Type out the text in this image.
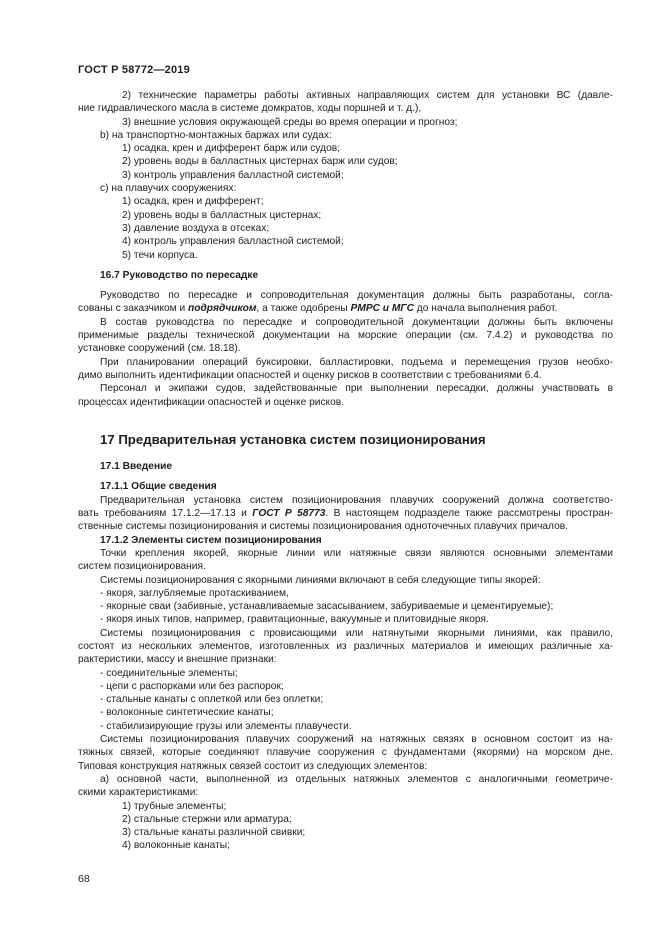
ГОСТ Р 58772—2019

2) технические параметры работы активных направляющих систем для установки ВС (давле-

ние гидравлического масла в системе домкратов, ходы поршней и т. д.),

3) внешние условия окружающей среды во время операции и прогноз;

b) на транспортно-монтажных баржах или судах:

1) осадка, крен и дифферент барж или судов;

2) уровень воды в балластных цистернах барж или судов;

3) контроль управления балластной системой;

c) на плавучих сооружениях:

1) осадка, крен и дифферент;

2) уровень воды в балластных цистернах;

3) давление воздуха в отсеках;

4) контроль управления балластной системой;

5) течи корпуса.

16.7 Руководство по пересадке

Руководство по пересадке и сопроводительная документация должны быть разработаны, согла-

сованы с заказчиком и подрядчиком, а также одобрены РМРС и МГС до начала выполнения работ.

В состав руководства по пересадке и сопроводительной документации должны быть включены

применимые разделы технической документации на морские операции (см. 7.4.2) и руководства по

установке сооружений (см. 18.18).

При планировании операций буксировки, балластировки, подъема и перемещения грузов необхо-

димо выполнить идентификации опасностей и оценку рисков в соответствии с требованиями 6.4.

Персонал и экипажи судов, задействованные при выполнении пересадки, должны участвовать в

процессах идентификации опасностей и оценке рисков.

17 Предварительная установка систем позиционирования

17.1 Введение

17.1.1 Общие сведения

Предварительная установка систем позиционирования плавучих сооружений должна соответство-

вать требованиям 17.1.2—17.13 и ГОСТ Р 58773. В настоящем подразделе также рассмотрены простран-

ственные системы позиционирования и системы позиционирования одноточечных плавучих причалов.

17.1.2 Элементы систем позиционирования

Точки крепления якорей, якорные линии или натяжные связи являются основными элементами

систем позиционирования.

Системы позиционирования с якорными линиями включают в себя следующие типы якорей:

- якоря, заглубляемые протаскиванием,

- якорные сваи (забивные, устанавливаемые засасыванием, забуриваемые и цементируемые);

- якоря иных типов, например, гравитационные, вакуумные и плитовидные якоря.

Системы позиционирования с провисающими или натянутыми якорными линиями, как правило,

состоят из нескольких элементов, изготовленных из различных материалов и имеющих различные ха-

рактеристики, массу и внешние признаки:

- соединительные элементы;

- цепи с распорками или без распорок;

- стальные канаты с оплеткой или без оплетки;

- волоконные синтетические канаты;

- стабилизирующие грузы или элементы плавучести.

Системы позиционирования плавучих сооружений на натяжных связях в основном состоит из на-

тяжных связей, которые соединяют плавучие сооружения с фундаментами (якорями) на морском дне.

Типовая конструкция натяжных связей состоит из следующих элементов:

a) основной части, выполненной из отдельных натяжных элементов с аналогичными геометриче-

скими характеристиками:

1) трубные элементы;

2) стальные стержни или арматура;

3) стальные канаты различной свивки;

4) волоконные канаты;

68
